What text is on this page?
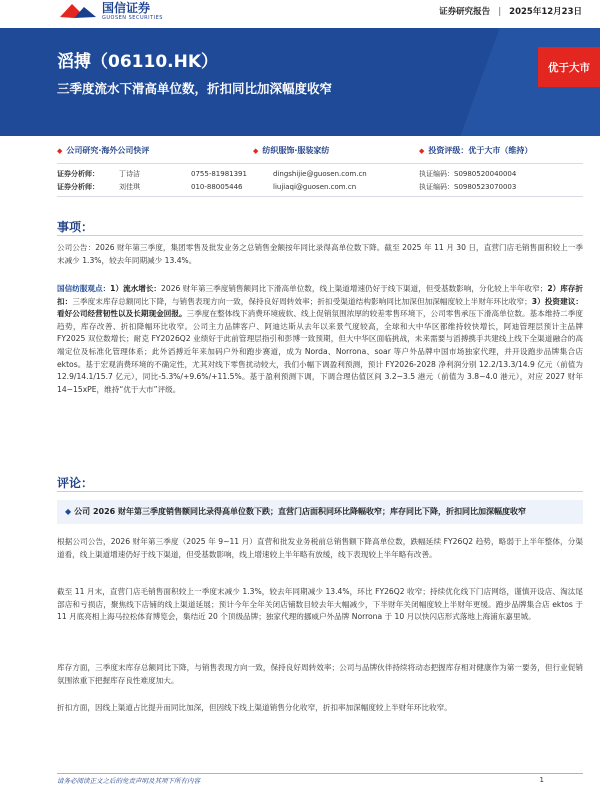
国信证券
GUOSEN SECURITIES
证券研究报告 | 2025年12月23日
滔搏（06110.HK）
三季度流水下滑高单位数，折扣同比加深幅度收窄
优于大市
◆ 公司研究·海外公司快评	◆ 纺织服饰·服装家纺	◆ 投资评级：优于大市（维持）
证券分析师：	丁诗洁	0755-81981391	dingshijie@guosen.com.cn	执证编码：S0980520040004
证券分析师：	刘佳琪	010-88005446	liujiaqi@guosen.com.cn	执证编码：S0980523070003
事项：
公司公告：2026 财年第三季度，集团零售及批发业务之总销售金额按年同比录得高单位数下降。截至 2025 年 11 月 30 日，直营门店毛销售面积较上一季末减少 1.3%，较去年同期减少 13.4%。
国信纺服观点：1）流水增长：2026 财年第三季度销售额同比下滑高单位数，线上渠道增速仍好于线下渠道，但受基数影响，分化较上半年收窄；2）库存折扣：三季度末库存总额同比下降，与销售表现方向一致，保持良好周转效率；折扣受渠道结构影响同比加深但加深幅度较上半财年环比收窄；3）投资建议：看好公司经营韧性以及长期现金回报。三季度在整体线下消费环境疲软、线上促销氛围浓厚的较差零售环境下，公司零售承压下滑高单位数。基本维持二季度趋势，库存改善、折扣降幅环比收窄。公司主力品牌客户、阿迪达斯从去年以来景气度较高，全球和大中华区都维持较快增长，阿迪管理层预计主品牌 FY2025 双位数增长；耐克 FY2026Q2 业绩好于此前管理层指引和彭博一致预期，但大中华区面临挑战，未来需要与滔搏携手共建线上线下全渠道融合的高端定位及标准化管理体系；此外滔搏近年来加码户外和跑步赛道，成为 Norda、Norrona、soar 等户外品牌中国市场独家代理，并开设跑步品牌集合店 ektos。基于宏观消费环境的不确定性，尤其对线下零售扰动较大，我们小幅下调盈利预测，预计 FY2026-2028 净利润分别 12.2/13.3/14.9 亿元（前值为 12.9/14.1/15.7 亿元），同比-5.3%/+9.6%/+11.5%。基于盈利预测下调，下调合理估值区间 3.2~3.5 港元（前值为 3.8~4.0 港元），对应 2027 财年 14~15xPE，维持“优于大市”评级。
评论：
◆ 公司 2026 财年第三季度销售额同比录得高单位数下跌；直营门店面积同环比降幅收窄；库存同比下降，折扣同比加深幅度收窄
根据公司公告，2026 财年第三季度（2025 年 9~11 月）直营和批发业务税前总销售额下降高单位数，跌幅延续 FY26Q2 趋势，略弱于上半年整体，分渠道看，线上渠道增速仍好于线下渠道，但受基数影响，线上增速较上半年略有放缓，线下表现较上半年略有改善。
截至 11 月末，直营门店毛销售面积较上一季度末减少 1.3%，较去年同期减少 13.4%，环比 FY26Q2 收窄；持续优化线下门店网络，谨慎开设店、淘汰尾部店和亏损店，聚焦线下店铺的线上渠道延展；预计今年全年关闭店铺数目较去年大幅减少，下半财年关闭幅度较上半财年更缓。跑步品牌集合店 ektos 于 11 月底亮相上海马拉松体育博览会，集结近 20 个顶级品牌；独家代理的挪威户外品牌 Norrona 于 10 月以快闪店形式落地上海浦东嘉里城。
库存方面，三季度末库存总额同比下降，与销售表现方向一致，保持良好周转效率；公司与品牌伙伴持续将动态把握库存相对健康作为第一要务，但行业促销氛围浓重下把握库存良性难度加大。
折扣方面，因线上渠道占比提升而同比加深，但因线下线上渠道销售分化收窄，折扣率加深幅度较上半财年环比收窄。
请务必阅读正文之后的免责声明及其项下所有内容	1
